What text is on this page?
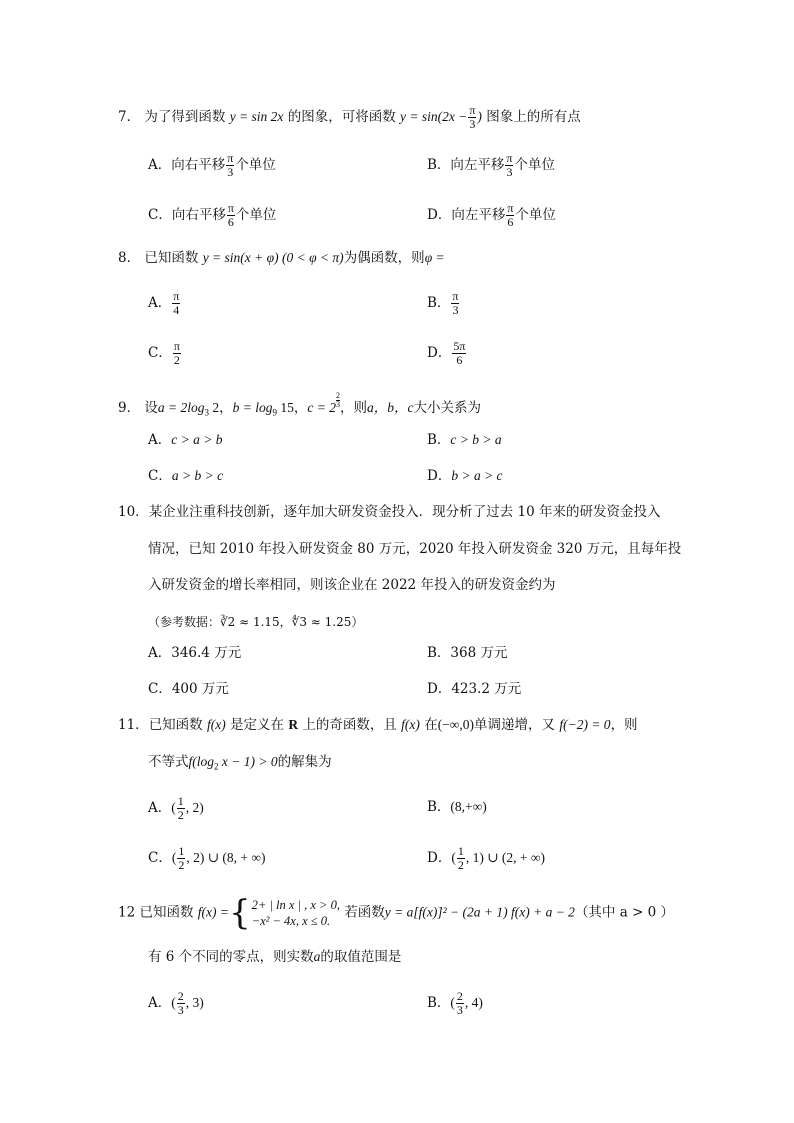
7． 为了得到函数 y = sin 2x 的图象，可将函数 $y = \sin(2x - \frac{\pi}{3}$ ) 图象上的所有点
A．向右平移 $\frac{\pi}{3}$ 个单位	B．向左平移 $\frac{\pi}{3}$ 个单位
C．向右平移 $\frac{\pi}{6}$ 个单位	D．向左平移 $\frac{\pi}{6}$ 个单位
8． 已知函数 y = sin(x + φ) (0 < φ < π)为偶函数，则φ =
A． $\frac{\pi}{4}$	B． $\frac{\pi}{3}$
C． $\frac{\pi}{2}$	D． $\frac{5\pi}{6}$
9． 设$a = 2\log_3$ 2，$b = \log_9 15$，$c = 2 \frac{2}{3}$ ，则a，b，c大小关系为
A．c > a > b	B．c > b > a
C．a > b > c	D．b > a > c
10．某企业注重科技创新，逐年加大研发资金投入．现分析了过去 10 年来的研发资金投入
情况，已知 2010 年投入研发资金 80 万元，2020 年投入研发资金 320 万元，且每年投
入研发资金的增长率相同，则该企业在 2022 年投入的研发资金约为
（参考数据：∛2 ≈ 1.15，∜3 ≈ 1.25）
A．346.4 万元	B．368 万元
C．400 万元	D．423.2 万元
11．已知函数 f(x) 是定义在 R 上的奇函数，且 f(x) 在(−∞,0)单调递增，又 f(−2) = 0，则
不等式$f(\log_2$ x − 1) > 0的解集为
A．( $\frac{1}{2}$ , 2)	B．(8,+∞)
C．( $\frac{1}{2}$ , 2) ∪ (8, + ∞)	D．( $\frac{1}{2}$ , 1) ∪ (2, + ∞)
12 已知函数 f(x) = { 2+ | ln x | , x > 0,
−x² − 4x, x ≤ 0.
若函数y = a[f(x)]² − (2a + 1) f(x) + a − 2（其中 a > 0 ）
有 6 个不同的零点，则实数a的取值范围是
A．( $\frac{2}{3}$ , 3)	B．( $\frac{2}{3}$ , 4)
